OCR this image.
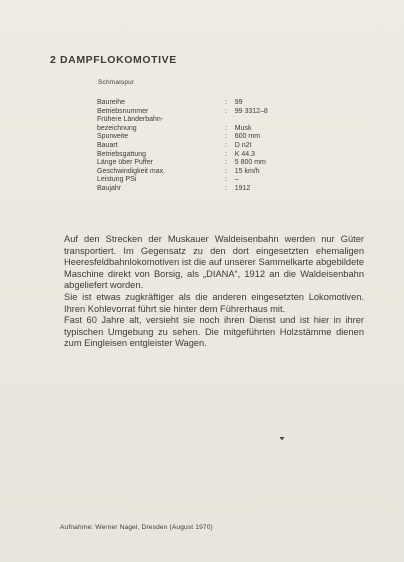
2 DAMPFLOKOMOTIVE
Schmalspur
Baureihe	:    99
Betriebsnummer	:    99 3312–8
Frühere Länderbahn-
bezeichnung	:    Musk
Spurweite	:    600 mm
Bauart	:    D n2t
Betriebsgattung	:    K 44.3
Länge über Puffer	:    5 800 mm
Geschwindigkeit max.	:    15 km/h
Leistung PSi	:    –
Baujahr	:    1912

Auf den Strecken der Muskauer Waldeisenbahn werden nur Güter transportiert. Im Gegensatz zu den dort eingesetzten ehemaligen Heeresfeldbahnlokomotiven ist die auf unserer Sammelkarte abgebildete Maschine direkt von Borsig, als „DIANA“, 1912 an die Waldeisenbahn abgeliefert worden.

Sie ist etwas zugkräftiger als die anderen eingesetzten Lokomotiven. Ihren Kohlevorrat führt sie hinter dem Führerhaus mit.

Fast 60 Jahre alt, versieht sie noch ihren Dienst und ist hier in ihrer typischen Umgebung zu sehen. Die mitgeführten Holzstämme dienen zum Eingleisen entgleister Wagen.

Aufnahme: Werner Nagel, Dresden (August 1970)
